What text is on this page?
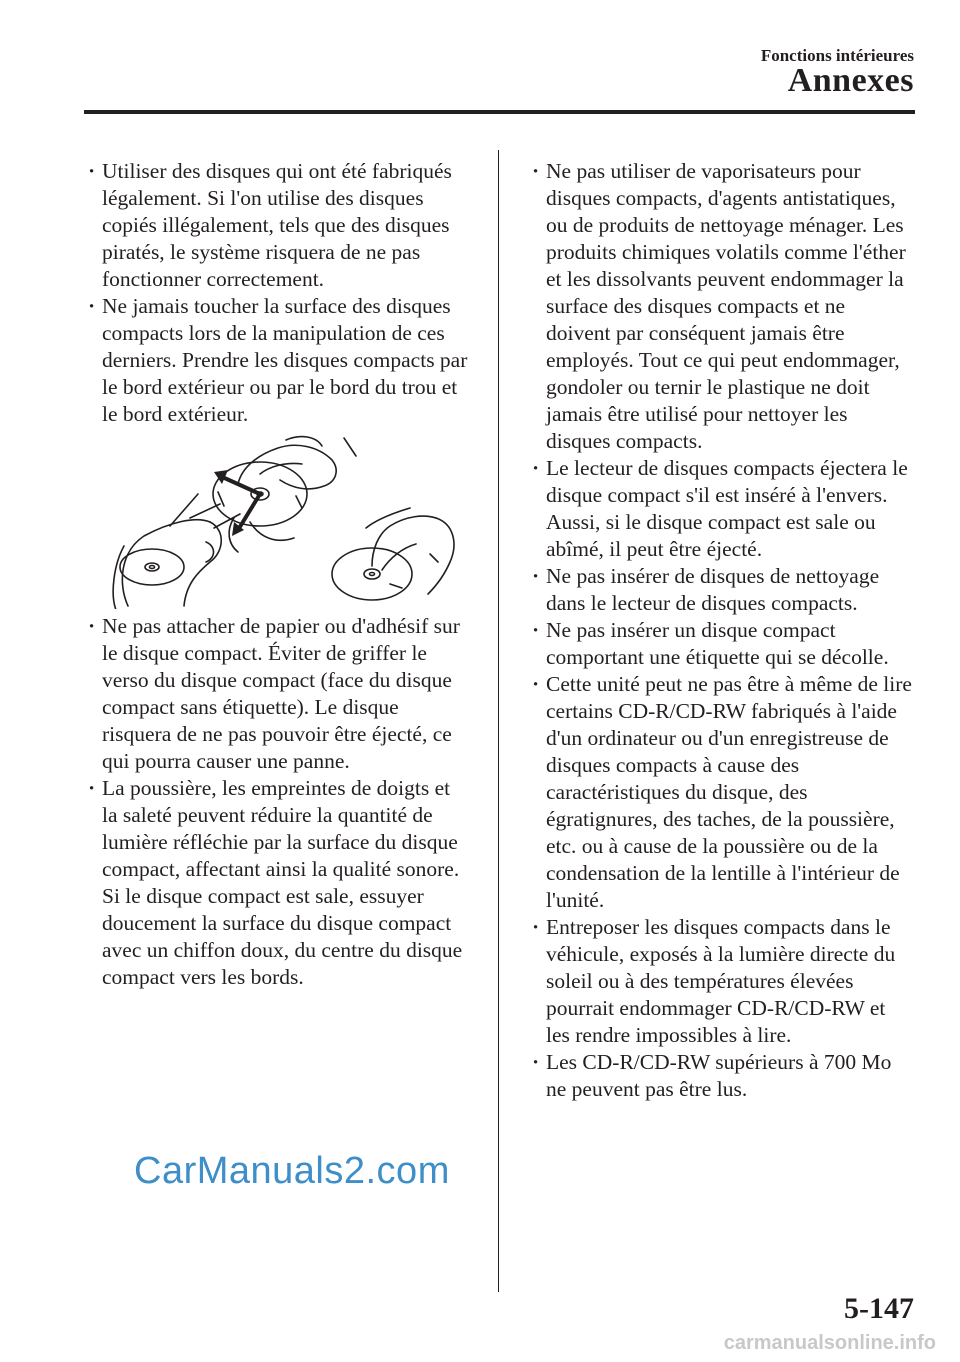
Fonctions intérieures
Annexes

· Utiliser des disques qui ont été fabriqués légalement. Si l'on utilise des disques copiés illégalement, tels que des disques piratés, le système risquera de ne pas fonctionner correctement.

· Ne jamais toucher la surface des disques compacts lors de la manipulation de ces derniers. Prendre les disques compacts par le bord extérieur ou par le bord du trou et le bord extérieur.

· Ne pas attacher de papier ou d'adhésif sur le disque compact. Éviter de griffer le verso du disque compact (face du disque compact sans étiquette). Le disque risquera de ne pas pouvoir être éjecté, ce qui pourra causer une panne.

· La poussière, les empreintes de doigts et la saleté peuvent réduire la quantité de lumière réfléchie par la surface du disque compact, affectant ainsi la qualité sonore. Si le disque compact est sale, essuyer doucement la surface du disque compact avec un chiffon doux, du centre du disque compact vers les bords.

· Ne pas utiliser de vaporisateurs pour disques compacts, d'agents antistatiques, ou de produits de nettoyage ménager. Les produits chimiques volatils comme l'éther et les dissolvants peuvent endommager la surface des disques compacts et ne doivent par conséquent jamais être employés. Tout ce qui peut endommager, gondoler ou ternir le plastique ne doit jamais être utilisé pour nettoyer les disques compacts.

· Le lecteur de disques compacts éjectera le disque compact s'il est inséré à l'envers. Aussi, si le disque compact est sale ou abîmé, il peut être éjecté.

· Ne pas insérer de disques de nettoyage dans le lecteur de disques compacts.

· Ne pas insérer un disque compact comportant une étiquette qui se décolle.

· Cette unité peut ne pas être à même de lire certains CD-R/CD-RW fabriqués à l'aide d'un ordinateur ou d'un enregistreuse de disques compacts à cause des caractéristiques du disque, des égratignures, des taches, de la poussière, etc. ou à cause de la poussière ou de la condensation de la lentille à l'intérieur de l'unité.

· Entreposer les disques compacts dans le véhicule, exposés à la lumière directe du soleil ou à des températures élevées pourrait endommager CD-R/CD-RW et les rendre impossibles à lire.

· Les CD-R/CD-RW supérieurs à 700 Mo ne peuvent pas être lus.

CarManuals2.com
5-147
carmanualsonline.info
